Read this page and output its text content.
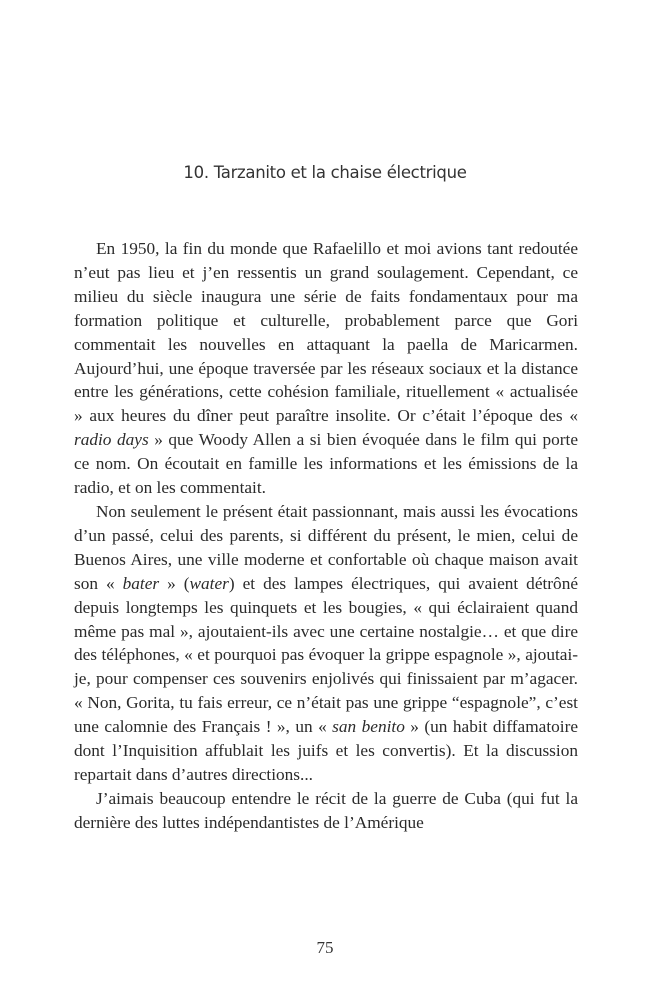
10. Tarzanito et la chaise électrique

En 1950, la fin du monde que Rafaelillo et moi avions tant redoutée n’eut pas lieu et j’en ressentis un grand soulagement. Cependant, ce milieu du siècle inaugura une série de faits fondamentaux pour ma formation politique et culturelle, probablement parce que Gori commentait les nouvelles en attaquant la paella de Maricarmen. Aujourd’hui, une époque traversée par les réseaux sociaux et la distance entre les générations, cette cohésion familiale, rituellement « actualisée » aux heures du dîner peut paraître insolite. Or c’était l’époque des « radio days » que Woody Allen a si bien évoquée dans le film qui porte ce nom. On écoutait en famille les informations et les émissions de la radio, et on les commentait.

Non seulement le présent était passionnant, mais aussi les évocations d’un passé, celui des parents, si différent du présent, le mien, celui de Buenos Aires, une ville moderne et confortable où chaque maison avait son « bater » (water) et des lampes électriques, qui avaient détrôné depuis longtemps les quinquets et les bougies, « qui éclairaient quand même pas mal », ajoutaient-ils avec une certaine nostalgie… et que dire des téléphones, « et pourquoi pas évoquer la grippe espagnole », ajoutai-je, pour compenser ces souvenirs enjolivés qui finissaient par m’agacer. « Non, Gorita, tu fais erreur, ce n’était pas une grippe “espagnole”, c’est une calomnie des Français ! », un « san benito » (un habit diffamatoire dont l’Inquisition affublait les juifs et les convertis). Et la discussion repartait dans d’autres directions...

J’aimais beaucoup entendre le récit de la guerre de Cuba (qui fut la dernière des luttes indépendantistes de l’Amérique

75
